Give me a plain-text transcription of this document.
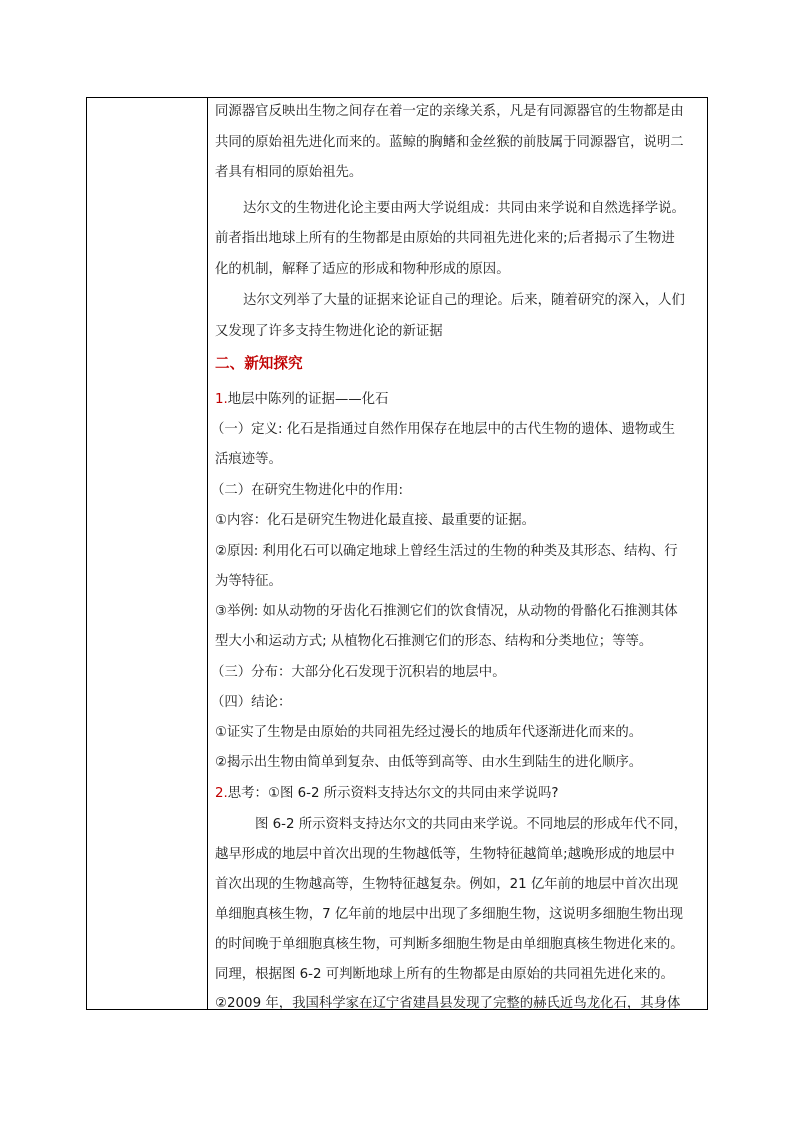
同源器官反映出生物之间存在着一定的亲缘关系，凡是有同源器官的生物都是由
共同的原始祖先进化而来的。蓝鲸的胸鳍和金丝猴的前肢属于同源器官，说明二
者具有相同的原始祖先。
达尔文的生物进化论主要由两大学说组成：共同由来学说和自然选择学说。
前者指出地球上所有的生物都是由原始的共同祖先进化来的;后者揭示了生物进
化的机制，解释了适应的形成和物种形成的原因。
达尔文列举了大量的证据来论证自己的理论。后来，随着研究的深入，人们
又发现了许多支持生物进化论的新证据
二、新知探究
1.地层中陈列的证据——化石
（一）定义: 化石是指通过自然作用保存在地层中的古代生物的遗体、遗物或生
活痕迹等。
（二）在研究生物进化中的作用:
①内容：化石是研究生物进化最直接、最重要的证据。
②原因: 利用化石可以确定地球上曾经生活过的生物的种类及其形态、结构、行
为等特征。
③举例: 如从动物的牙齿化石推测它们的饮食情况，从动物的骨骼化石推测其体
型大小和运动方式; 从植物化石推测它们的形态、结构和分类地位；等等。
（三）分布：大部分化石发现于沉积岩的地层中。
（四）结论：
①证实了生物是由原始的共同祖先经过漫长的地质年代逐渐进化而来的。
②揭示出生物由简单到复杂、由低等到高等、由水生到陆生的进化顺序。
2.思考：①图 6-2 所示资料支持达尔文的共同由来学说吗?
图 6-2 所示资料支持达尔文的共同由来学说。不同地层的形成年代不同，
越早形成的地层中首次出现的生物越低等，生物特征越简单;越晚形成的地层中
首次出现的生物越高等，生物特征越复杂。例如，21 亿年前的地层中首次出现
单细胞真核生物，7 亿年前的地层中出现了多细胞生物，这说明多细胞生物出现
的时间晚于单细胞真核生物，可判断多细胞生物是由单细胞真核生物进化来的。
同理，根据图 6-2 可判断地球上所有的生物都是由原始的共同祖先进化来的。
②2009 年，我国科学家在辽宁省建昌县发现了完整的赫氏近鸟龙化石，其身体
